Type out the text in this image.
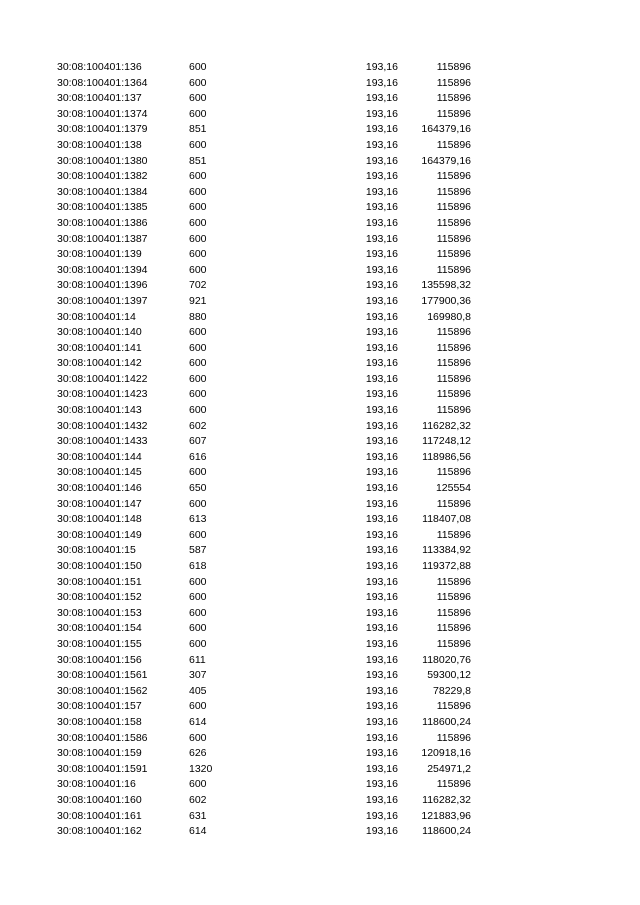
30:08:100401:136	600	193,16	115896
30:08:100401:1364	600	193,16	115896
30:08:100401:137	600	193,16	115896
30:08:100401:1374	600	193,16	115896
30:08:100401:1379	851	193,16	164379,16
30:08:100401:138	600	193,16	115896
30:08:100401:1380	851	193,16	164379,16
30:08:100401:1382	600	193,16	115896
30:08:100401:1384	600	193,16	115896
30:08:100401:1385	600	193,16	115896
30:08:100401:1386	600	193,16	115896
30:08:100401:1387	600	193,16	115896
30:08:100401:139	600	193,16	115896
30:08:100401:1394	600	193,16	115896
30:08:100401:1396	702	193,16	135598,32
30:08:100401:1397	921	193,16	177900,36
30:08:100401:14	880	193,16	169980,8
30:08:100401:140	600	193,16	115896
30:08:100401:141	600	193,16	115896
30:08:100401:142	600	193,16	115896
30:08:100401:1422	600	193,16	115896
30:08:100401:1423	600	193,16	115896
30:08:100401:143	600	193,16	115896
30:08:100401:1432	602	193,16	116282,32
30:08:100401:1433	607	193,16	117248,12
30:08:100401:144	616	193,16	118986,56
30:08:100401:145	600	193,16	115896
30:08:100401:146	650	193,16	125554
30:08:100401:147	600	193,16	115896
30:08:100401:148	613	193,16	118407,08
30:08:100401:149	600	193,16	115896
30:08:100401:15	587	193,16	113384,92
30:08:100401:150	618	193,16	119372,88
30:08:100401:151	600	193,16	115896
30:08:100401:152	600	193,16	115896
30:08:100401:153	600	193,16	115896
30:08:100401:154	600	193,16	115896
30:08:100401:155	600	193,16	115896
30:08:100401:156	611	193,16	118020,76
30:08:100401:1561	307	193,16	59300,12
30:08:100401:1562	405	193,16	78229,8
30:08:100401:157	600	193,16	115896
30:08:100401:158	614	193,16	118600,24
30:08:100401:1586	600	193,16	115896
30:08:100401:159	626	193,16	120918,16
30:08:100401:1591	1320	193,16	254971,2
30:08:100401:16	600	193,16	115896
30:08:100401:160	602	193,16	116282,32
30:08:100401:161	631	193,16	121883,96
30:08:100401:162	614	193,16	118600,24
